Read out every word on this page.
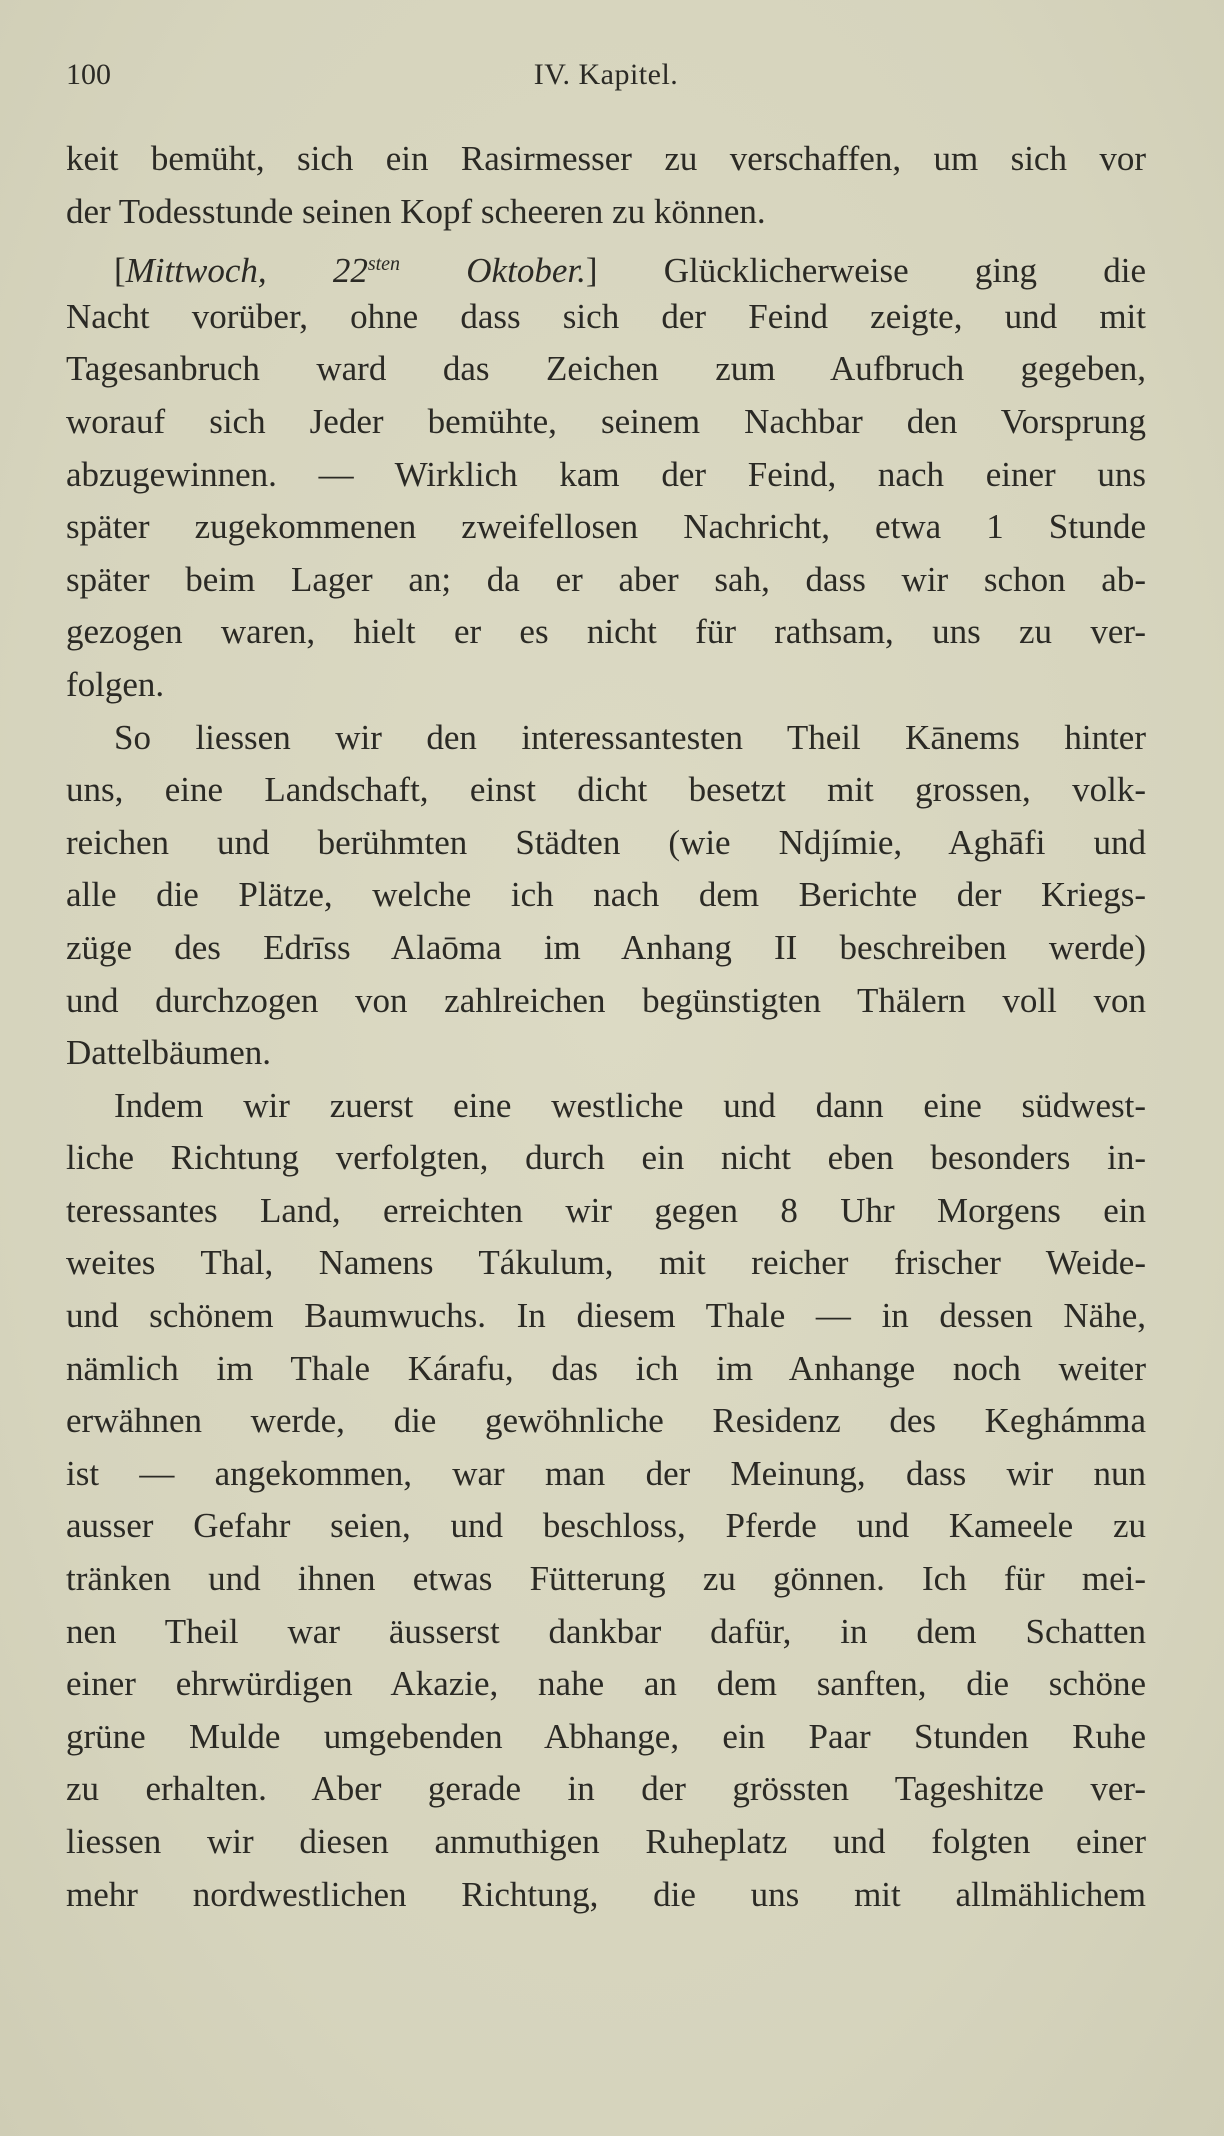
100	IV. Kapitel.
keit bemüht, sich ein Rasirmesser zu verschaffen, um sich vor
der Todesstunde seinen Kopf scheeren zu können.
[Mittwoch, $22^{sten}$ Oktober.] Glücklicherweise ging die
Nacht vorüber, ohne dass sich der Feind zeigte, und mit
Tagesanbruch ward das Zeichen zum Aufbruch gegeben,
worauf sich Jeder bemühte, seinem Nachbar den Vorsprung
abzugewinnen. — Wirklich kam der Feind, nach einer uns
später zugekommenen zweifellosen Nachricht, etwa 1 Stunde
später beim Lager an; da er aber sah, dass wir schon ab-
gezogen waren, hielt er es nicht für rathsam, uns zu ver-
folgen.
So liessen wir den interessantesten Theil Kānems hinter
uns, eine Landschaft, einst dicht besetzt mit grossen, volk-
reichen und berühmten Städten (wie Ndjímie, Aghāfi und
alle die Plätze, welche ich nach dem Berichte der Kriegs-
züge des Edrīss Alaōma im Anhang II beschreiben werde)
und durchzogen von zahlreichen begünstigten Thälern voll von
Dattelbäumen.
Indem wir zuerst eine westliche und dann eine südwest-
liche Richtung verfolgten, durch ein nicht eben besonders in-
teressantes Land, erreichten wir gegen 8 Uhr Morgens ein
weites Thal, Namens Tákulum, mit reicher frischer Weide-
und schönem Baumwuchs. In diesem Thale — in dessen Nähe,
nämlich im Thale Kárafu, das ich im Anhange noch weiter
erwähnen werde, die gewöhnliche Residenz des Keghámma
ist — angekommen, war man der Meinung, dass wir nun
ausser Gefahr seien, und beschloss, Pferde und Kameele zu
tränken und ihnen etwas Fütterung zu gönnen. Ich für mei-
nen Theil war äusserst dankbar dafür, in dem Schatten
einer ehrwürdigen Akazie, nahe an dem sanften, die schöne
grüne Mulde umgebenden Abhange, ein Paar Stunden Ruhe
zu erhalten. Aber gerade in der grössten Tageshitze ver-
liessen wir diesen anmuthigen Ruheplatz und folgten einer
mehr nordwestlichen Richtung, die uns mit allmählichem
